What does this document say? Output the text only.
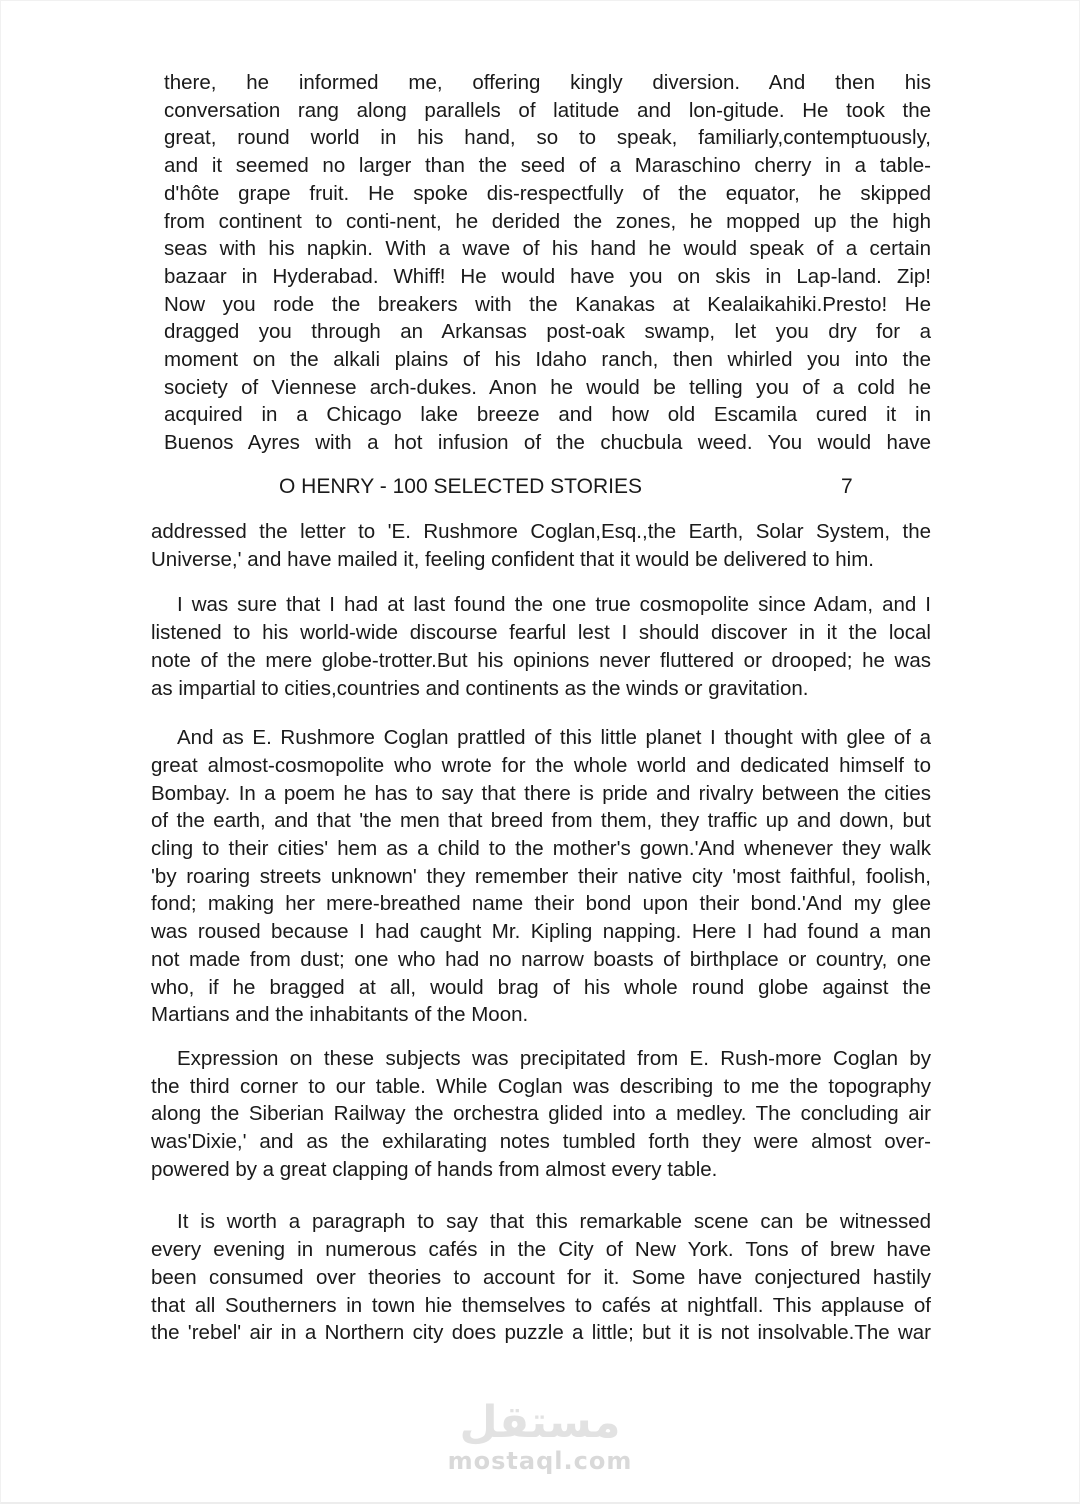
there, he informed me, offering kingly diversion. And then his
conversation rang along parallels of latitude and lon-gitude. He took the
great, round world in his hand, so to speak, familiarly,contemptuously,
and it seemed no larger than the seed of a Maraschino cherry in a table-
d'hôte grape fruit. He spoke dis-respectfully of the equator, he skipped
from continent to conti-nent, he derided the zones, he mopped up the high
seas with his napkin. With a wave of his hand he would speak of a certain
bazaar in Hyderabad. Whiff! He would have you on skis in Lap-land. Zip!
Now you rode the breakers with the Kanakas at Kealaikahiki.Presto! He
dragged you through an Arkansas post-oak swamp, let you dry for a
moment on the alkali plains of his Idaho ranch, then whirled you into the
society of Viennese arch-dukes. Anon he would be telling you of a cold he
acquired in a Chicago lake breeze and how old Escamila cured it in
Buenos Ayres with a hot infusion of the chucbula weed. You would have
O HENRY - 100 SELECTED STORIES	7
addressed the letter to 'E. Rushmore Coglan,Esq.,the Earth, Solar System, the
Universe,' and have mailed it, feeling confident that it would be delivered to him.
I was sure that I had at last found the one true cosmopolite since Adam, and I
listened to his world-wide discourse fearful lest I should discover in it the local
note of the mere globe-trotter.But his opinions never fluttered or drooped; he was
as impartial to cities,countries and continents as the winds or gravitation.
And as E. Rushmore Coglan prattled of this little planet I thought with glee of a
great almost-cosmopolite who wrote for the whole world and dedicated himself to
Bombay. In a poem he has to say that there is pride and rivalry between the cities
of the earth, and that 'the men that breed from them, they traffic up and down, but
cling to their cities' hem as a child to the mother's gown.'And whenever they walk
'by roaring streets unknown' they remember their native city 'most faithful, foolish,
fond; making her mere-breathed name their bond upon their bond.'And my glee
was roused because I had caught Mr. Kipling napping. Here I had found a man
not made from dust; one who had no narrow boasts of birthplace or country, one
who, if he bragged at all, would brag of his whole round globe against the
Martians and the inhabitants of the Moon.
Expression on these subjects was precipitated from E. Rush-more Coglan by
the third corner to our table. While Coglan was describing to me the topography
along the Siberian Railway the orchestra glided into a medley. The concluding air
was'Dixie,' and as the exhilarating notes tumbled forth they were almost over-
powered by a great clapping of hands from almost every table.
It is worth a paragraph to say that this remarkable scene can be witnessed
every evening in numerous cafés in the City of New York. Tons of brew have
been consumed over theories to account for it. Some have conjectured hastily
that all Southerners in town hie themselves to cafés at nightfall. This applause of
the 'rebel' air in a Northern city does puzzle a little; but it is not insolvable.The war
مستقل
mostaql.com
